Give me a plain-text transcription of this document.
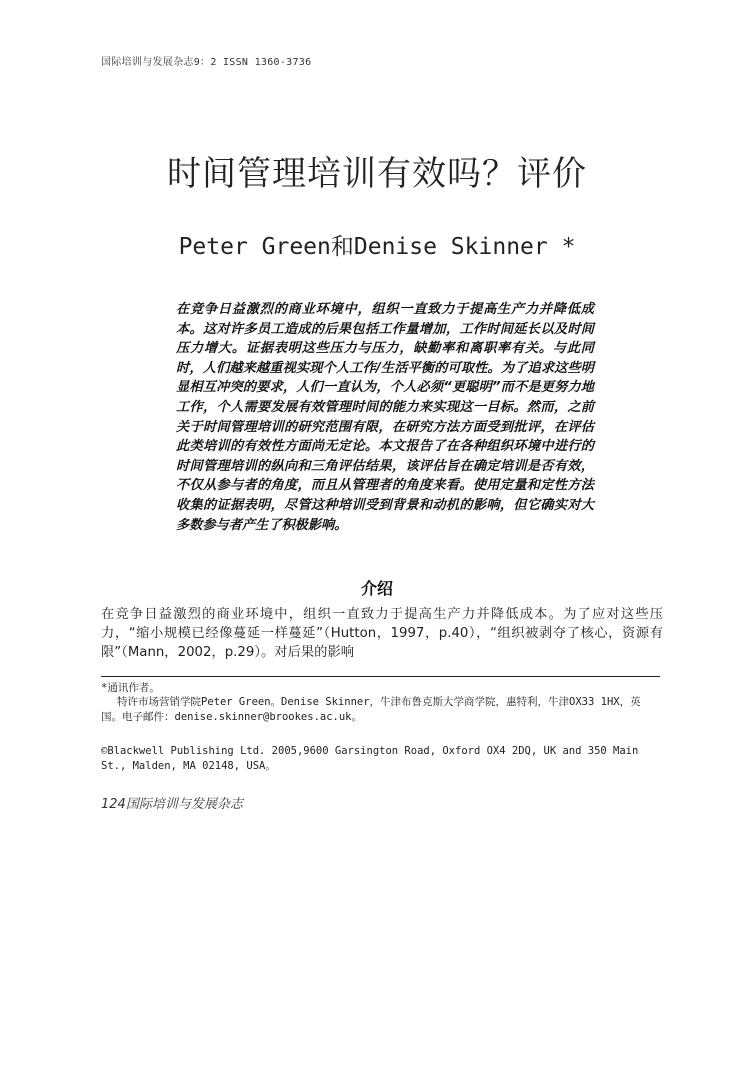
国际培训与发展杂志9：2 ISSN 1360-3736
时间管理培训有效吗？评价
Peter Green和Denise Skinner *

在竞争日益激烈的商业环境中，组织一直致力于提高生产力并降低成本。这对许多员工造成的后果包括工作量增加，工作时间延长以及时间压力增大。证据表明这些压力与压力，缺勤率和离职率有关。与此同时，人们越来越重视实现个人工作/生活平衡的可取性。为了追求这些明显相互冲突的要求，人们一直认为，个人必须“更聪明”而不是更努力地工作，个人需要发展有效管理时间的能力来实现这一目标。然而，之前关于时间管理培训的研究范围有限，在研究方法方面受到批评，在评估此类培训的有效性方面尚无定论。本文报告了在各种组织环境中进行的时间管理培训的纵向和三角评估结果，该评估旨在确定培训是否有效，不仅从参与者的角度，而且从管理者的角度来看。使用定量和定性方法收集的证据表明，尽管这种培训受到背景和动机的影响，但它确实对大多数参与者产生了积极影响。

介绍

在竞争日益激烈的商业环境中，组织一直致力于提高生产力并降低成本。为了应对这些压力，“缩小规模已经像蔓延一样蔓延”（Hutton，1997，p.40），“组织被剥夺了核心，资源有限”（Mann，2002，p.29）。对后果的影响

*通讯作者。

特许市场营销学院Peter Green。Denise Skinner，牛津布鲁克斯大学商学院，惠特利，牛津OX33 1HX，英国。电子邮件：denise.skinner@brookes.ac.uk。

©Blackwell Publishing Ltd. 2005,9600 Garsington Road, Oxford OX4 2DQ, UK and 350 Main St., Malden, MA 02148, USA。

124国际培训与发展杂志
